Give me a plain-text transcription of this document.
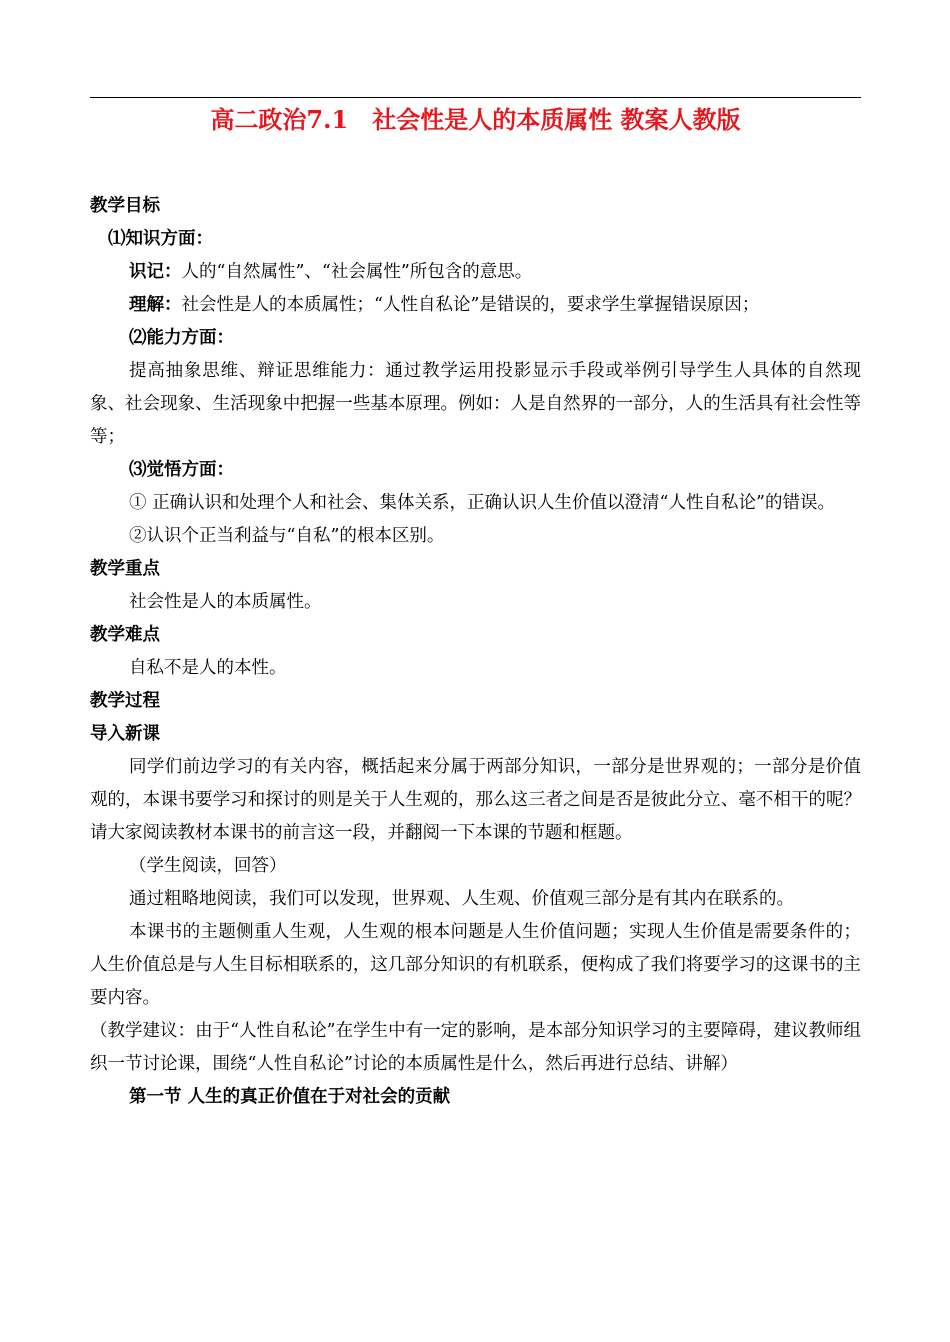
高二政治7.1　社会性是人的本质属性 教案人教版

教学目标

⑴知识方面：

识记：人的“自然属性”、“社会属性”所包含的意思。

理解：社会性是人的本质属性；“人性自私论”是错误的，要求学生掌握错误原因；

⑵能力方面：

提高抽象思维、辩证思维能力：通过教学运用投影显示手段或举例引导学生人具体的自然现象、社会现象、生活现象中把握一些基本原理。例如：人是自然界的一部分，人的生活具有社会性等等；

⑶觉悟方面：

① 正确认识和处理个人和社会、集体关系，正确认识人生价值以澄清“人性自私论”的错误。

②认识个正当利益与“自私”的根本区别。

教学重点

社会性是人的本质属性。

教学难点

自私不是人的本性。

教学过程

导入新课

同学们前边学习的有关内容，概括起来分属于两部分知识，一部分是世界观的；一部分是价值观的，本课书要学习和探讨的则是关于人生观的，那么这三者之间是否是彼此分立、毫不相干的呢？请大家阅读教材本课书的前言这一段，并翻阅一下本课的节题和框题。

（学生阅读，回答）

通过粗略地阅读，我们可以发现，世界观、人生观、价值观三部分是有其内在联系的。

本课书的主题侧重人生观，人生观的根本问题是人生价值问题；实现人生价值是需要条件的；人生价值总是与人生目标相联系的，这几部分知识的有机联系，便构成了我们将要学习的这课书的主要内容。

（教学建议：由于“人性自私论”在学生中有一定的影响，是本部分知识学习的主要障碍，建议教师组织一节讨论课，围绕“人性自私论”讨论的本质属性是什么，然后再进行总结、讲解）

第一节 人生的真正价值在于对社会的贡献
